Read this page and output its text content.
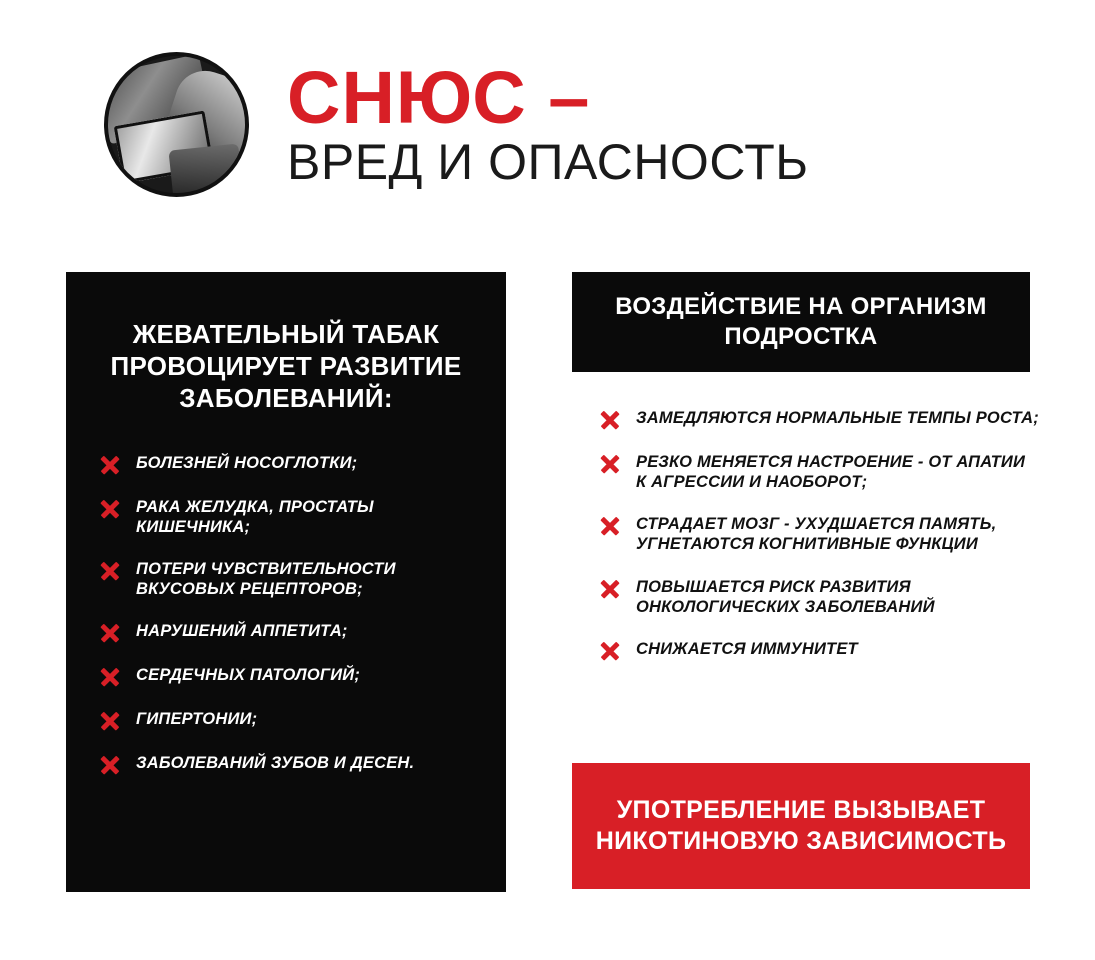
СНЮС –
ВРЕД И ОПАСНОСТЬ
ЖЕВАТЕЛЬНЫЙ ТАБАК ПРОВОЦИРУЕТ РАЗВИТИЕ ЗАБОЛЕВАНИЙ:
БОЛЕЗНЕЙ НОСОГЛОТКИ;
РАКА ЖЕЛУДКА, ПРОСТАТЫ КИШЕЧНИКА;
ПОТЕРИ ЧУВСТВИТЕЛЬНОСТИ ВКУСОВЫХ РЕЦЕПТОРОВ;
НАРУШЕНИЙ АППЕТИТА;
СЕРДЕЧНЫХ ПАТОЛОГИЙ;
ГИПЕРТОНИИ;
ЗАБОЛЕВАНИЙ ЗУБОВ И ДЕСЕН.
ВОЗДЕЙСТВИЕ НА ОРГАНИЗМ ПОДРОСТКА
ЗАМЕДЛЯЮТСЯ НОРМАЛЬНЫЕ ТЕМПЫ РОСТА;
РЕЗКО МЕНЯЕТСЯ НАСТРОЕНИЕ - ОТ АПАТИИ К АГРЕССИИ И НАОБОРОТ;
СТРАДАЕТ МОЗГ - УХУДШАЕТСЯ ПАМЯТЬ, УГНЕТАЮТСЯ КОГНИТИВНЫЕ ФУНКЦИИ
ПОВЫШАЕТСЯ РИСК РАЗВИТИЯ ОНКОЛОГИЧЕСКИХ ЗАБОЛЕВАНИЙ
СНИЖАЕТСЯ ИММУНИТЕТ

УПОТРЕБЛЕНИЕ ВЫЗЫВАЕТ НИКОТИНОВУЮ ЗАВИСИМОСТЬ
